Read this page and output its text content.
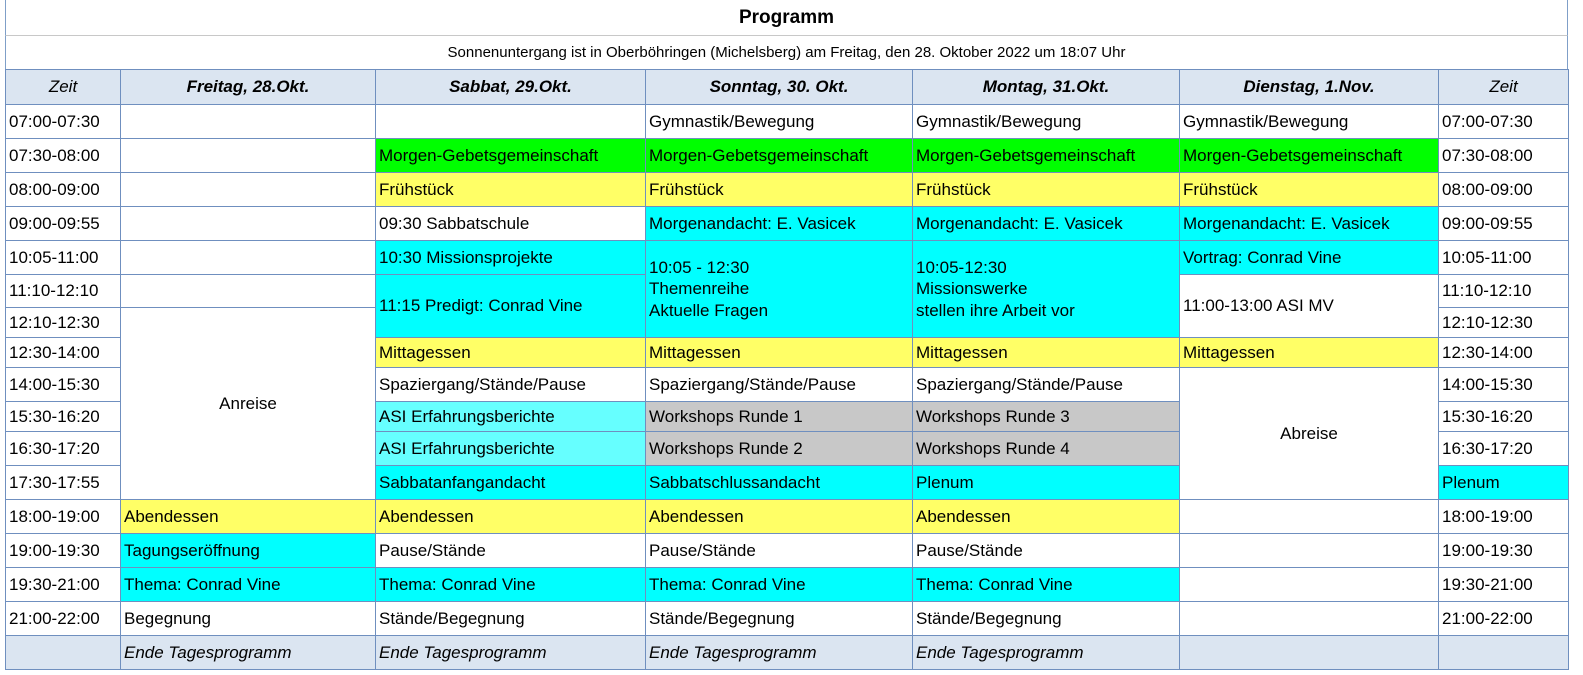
Programm
Sonnenuntergang ist in Oberböhringen (Michelsberg) am Freitag, den 28. Oktober 2022 um 18:07 Uhr
Zeit	Freitag, 28.Okt.	Sabbat, 29.Okt.	Sonntag, 30. Okt.	Montag, 31.Okt.	Dienstag, 1.Nov.	Zeit	
07:00-07:30			Gymnastik/Bewegung	Gymnastik/Bewegung	Gymnastik/Bewegung	07:00-07:30	
07:30-08:00		Morgen-Gebetsgemeinschaft	Morgen-Gebetsgemeinschaft	Morgen-Gebetsgemeinschaft	Morgen-Gebetsgemeinschaft	07:30-08:00	
08:00-09:00		Frühstück	Frühstück	Frühstück	Frühstück	08:00-09:00	
09:00-09:55		09:30 Sabbatschule	Morgenandacht: E. Vasicek	Morgenandacht: E. Vasicek	Morgenandacht: E. Vasicek	09:00-09:55	
10:05-11:00		10:30 Missionsprojekte	10:05 - 12:30
Themenreihe
Aktuelle Fragen	10:05-12:30
Missionswerke
stellen ihre Arbeit vor	Vortrag: Conrad Vine	10:05-11:00	
11:10-12:10		11:15 Predigt: Conrad Vine			11:00-13:00 ASI MV	11:10-12:10	
12:10-12:30	Anreise					12:10-12:30	
12:30-14:00		Mittagessen	Mittagessen	Mittagessen	Mittagessen	12:30-14:00	
14:00-15:30		Spaziergang/Stände/Pause	Spaziergang/Stände/Pause	Spaziergang/Stände/Pause	Abreise	14:00-15:30	
15:30-16:20		ASI Erfahrungsberichte	Workshops Runde 1	Workshops Runde 3		15:30-16:20	
16:30-17:20		ASI Erfahrungsberichte	Workshops Runde 2	Workshops Runde 4		16:30-17:20	
17:30-17:55		Sabbatanfangandacht	Sabbatschlussandacht	Plenum		Plenum	
18:00-19:00	Abendessen	Abendessen	Abendessen	Abendessen		18:00-19:00	
19:00-19:30	Tagungseröffnung	Pause/Stände	Pause/Stände	Pause/Stände		19:00-19:30	
19:30-21:00	Thema: Conrad Vine	Thema: Conrad Vine	Thema: Conrad Vine	Thema: Conrad Vine		19:30-21:00	
21:00-22:00	Begegnung	Stände/Begegnung	Stände/Begegnung	Stände/Begegnung		21:00-22:00	
	Ende Tagesprogramm	Ende Tagesprogramm	Ende Tagesprogramm	Ende Tagesprogramm			
